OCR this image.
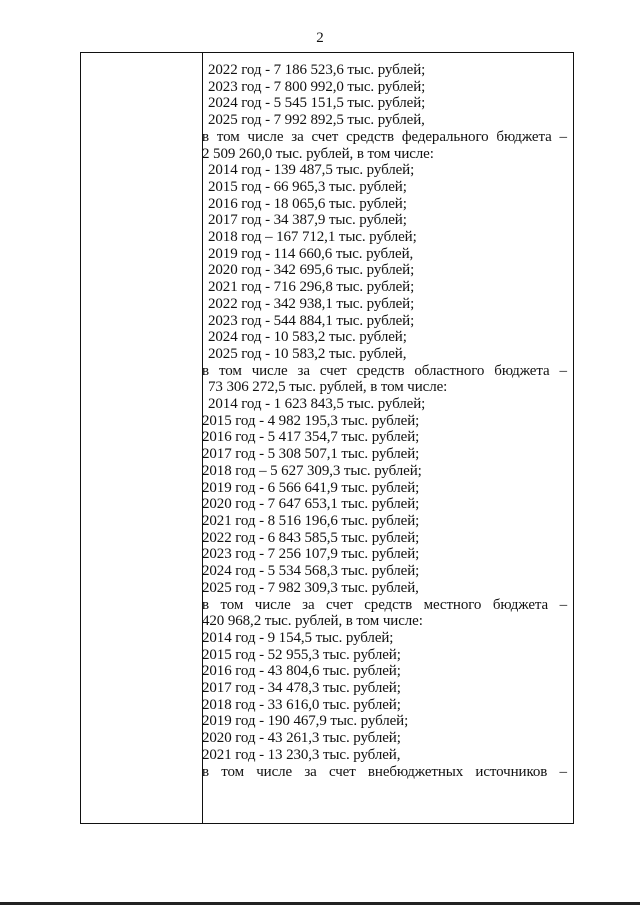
2
2022 год - 7 186 523,6 тыс. рублей;
2023 год - 7 800 992,0 тыс. рублей;
2024 год - 5 545 151,5 тыс. рублей;
2025 год - 7 992 892,5 тыс. рублей,
в том числе за счет средств федерального бюджета –
2 509 260,0 тыс. рублей, в том числе:
2014 год - 139 487,5 тыс. рублей;
2015 год - 66 965,3 тыс. рублей;
2016 год - 18 065,6 тыс. рублей;
2017 год - 34 387,9 тыс. рублей;
2018 год – 167 712,1 тыс. рублей;
2019 год - 114 660,6 тыс. рублей,
2020 год - 342 695,6 тыс. рублей;
2021 год - 716 296,8 тыс. рублей;
2022 год - 342 938,1 тыс. рублей;
2023 год - 544 884,1 тыс. рублей;
2024 год - 10 583,2 тыс. рублей;
2025 год - 10 583,2 тыс. рублей,
в том числе за счет средств областного бюджета –
73 306 272,5 тыс. рублей, в том числе:
2014 год - 1 623 843,5 тыс. рублей;
2015 год - 4 982 195,3 тыс. рублей;
2016 год - 5 417 354,7 тыс. рублей;
2017 год - 5 308 507,1 тыс. рублей;
2018 год – 5 627 309,3 тыс. рублей;
2019 год - 6 566 641,9 тыс. рублей;
2020 год - 7 647 653,1 тыс. рублей;
2021 год - 8 516 196,6 тыс. рублей;
2022 год - 6 843 585,5 тыс. рублей;
2023 год - 7 256 107,9 тыс. рублей;
2024 год - 5 534 568,3 тыс. рублей;
2025 год - 7 982 309,3 тыс. рублей,
в том числе за счет средств местного бюджета –
420 968,2 тыс. рублей, в том числе:
2014 год - 9 154,5 тыс. рублей;
2015 год - 52 955,3 тыс. рублей;
2016 год - 43 804,6 тыс. рублей;
2017 год - 34 478,3 тыс. рублей;
2018 год - 33 616,0 тыс. рублей;
2019 год - 190 467,9 тыс. рублей;
2020 год - 43 261,3 тыс. рублей;
2021 год - 13 230,3 тыс. рублей,
в том числе за счет внебюджетных источников –
